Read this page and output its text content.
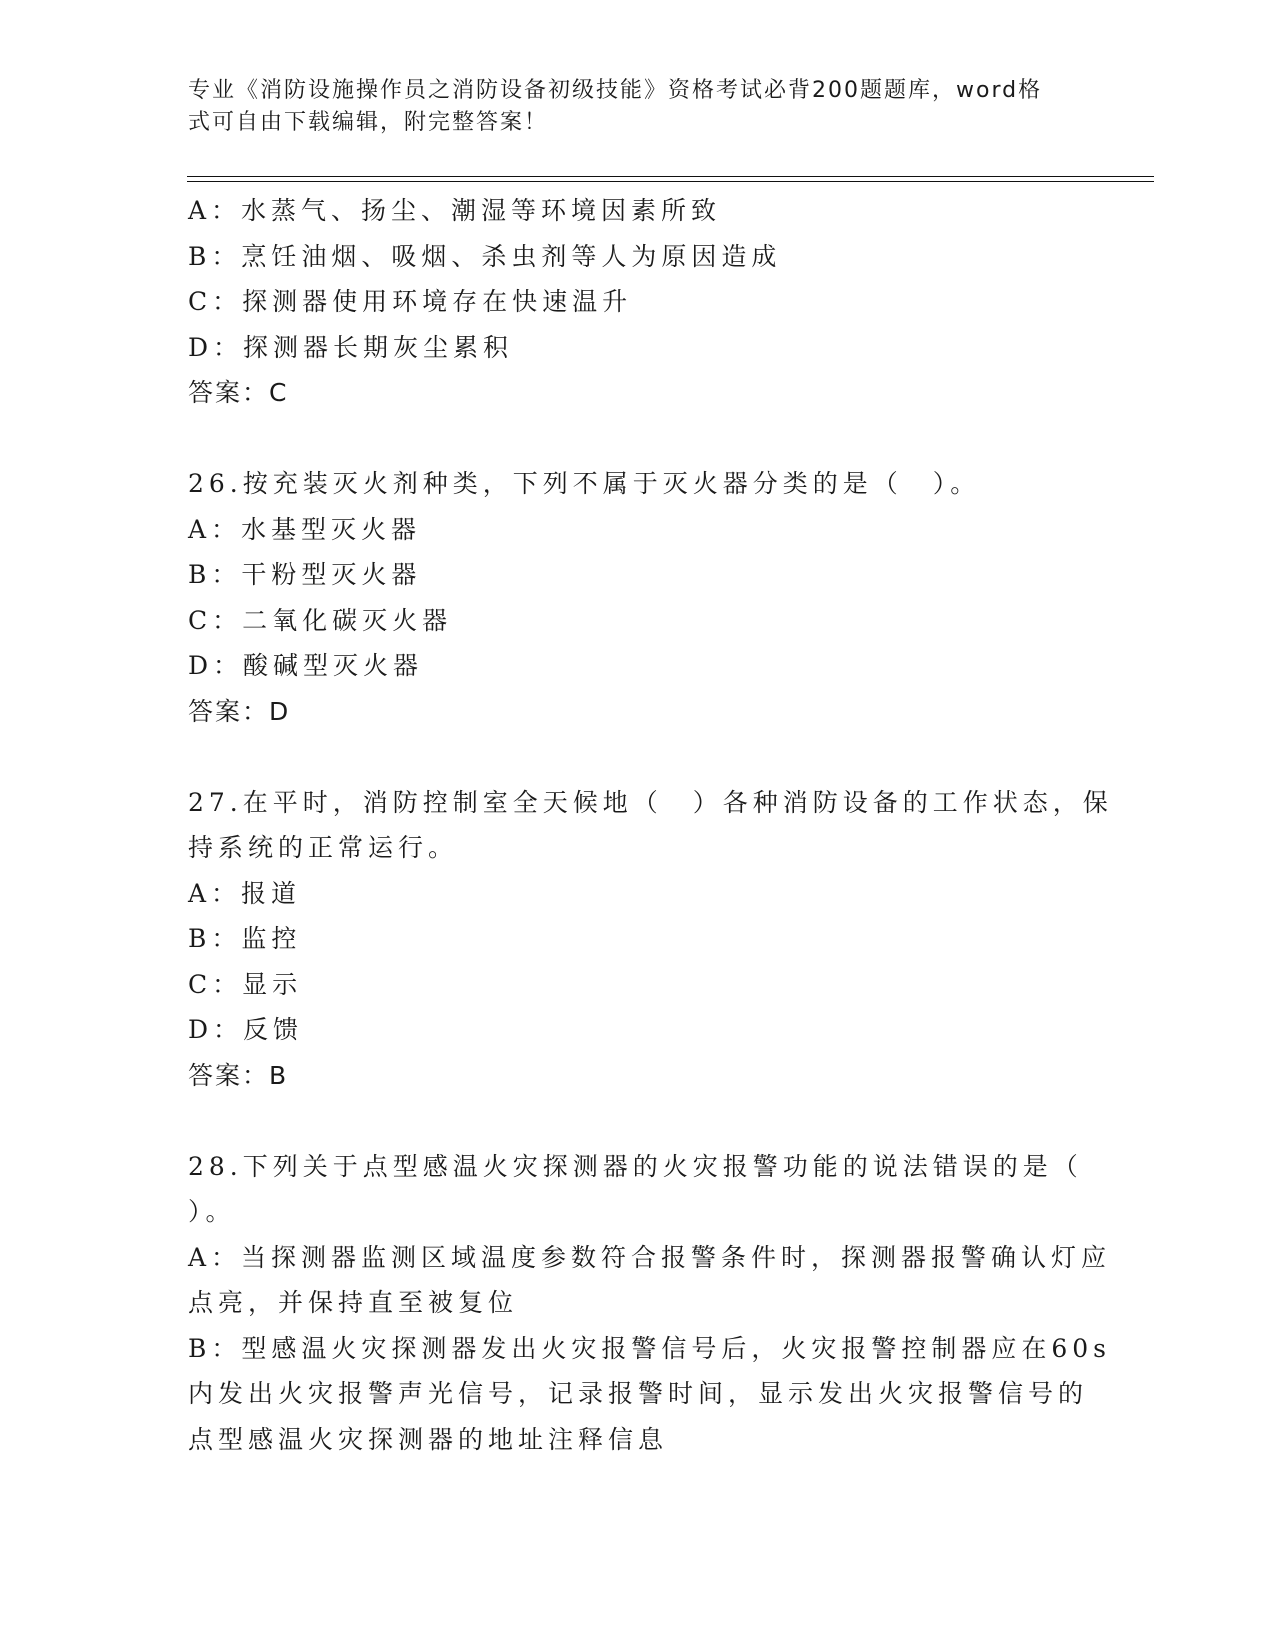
专业《消防设施操作员之消防设备初级技能》资格考试必背200题题库，word格
式可自由下载编辑，附完整答案！
A：水蒸气、扬尘、潮湿等环境因素所致
B：烹饪油烟、吸烟、杀虫剂等人为原因造成
C：探测器使用环境存在快速温升
D：探测器长期灰尘累积
答案：C
26.按充装灭火剂种类，下列不属于灭火器分类的是（　）。
A：水基型灭火器
B：干粉型灭火器
C：二氧化碳灭火器
D：酸碱型灭火器
答案：D
27.在平时，消防控制室全天候地（　）各种消防设备的工作状态，保
持系统的正常运行。
A：报道
B：监控
C：显示
D：反馈
答案：B
28.下列关于点型感温火灾探测器的火灾报警功能的说法错误的是（
）。
A：当探测器监测区域温度参数符合报警条件时，探测器报警确认灯应
点亮，并保持直至被复位
B：型感温火灾探测器发出火灾报警信号后，火灾报警控制器应在60s
内发出火灾报警声光信号，记录报警时间，显示发出火灾报警信号的
点型感温火灾探测器的地址注释信息
